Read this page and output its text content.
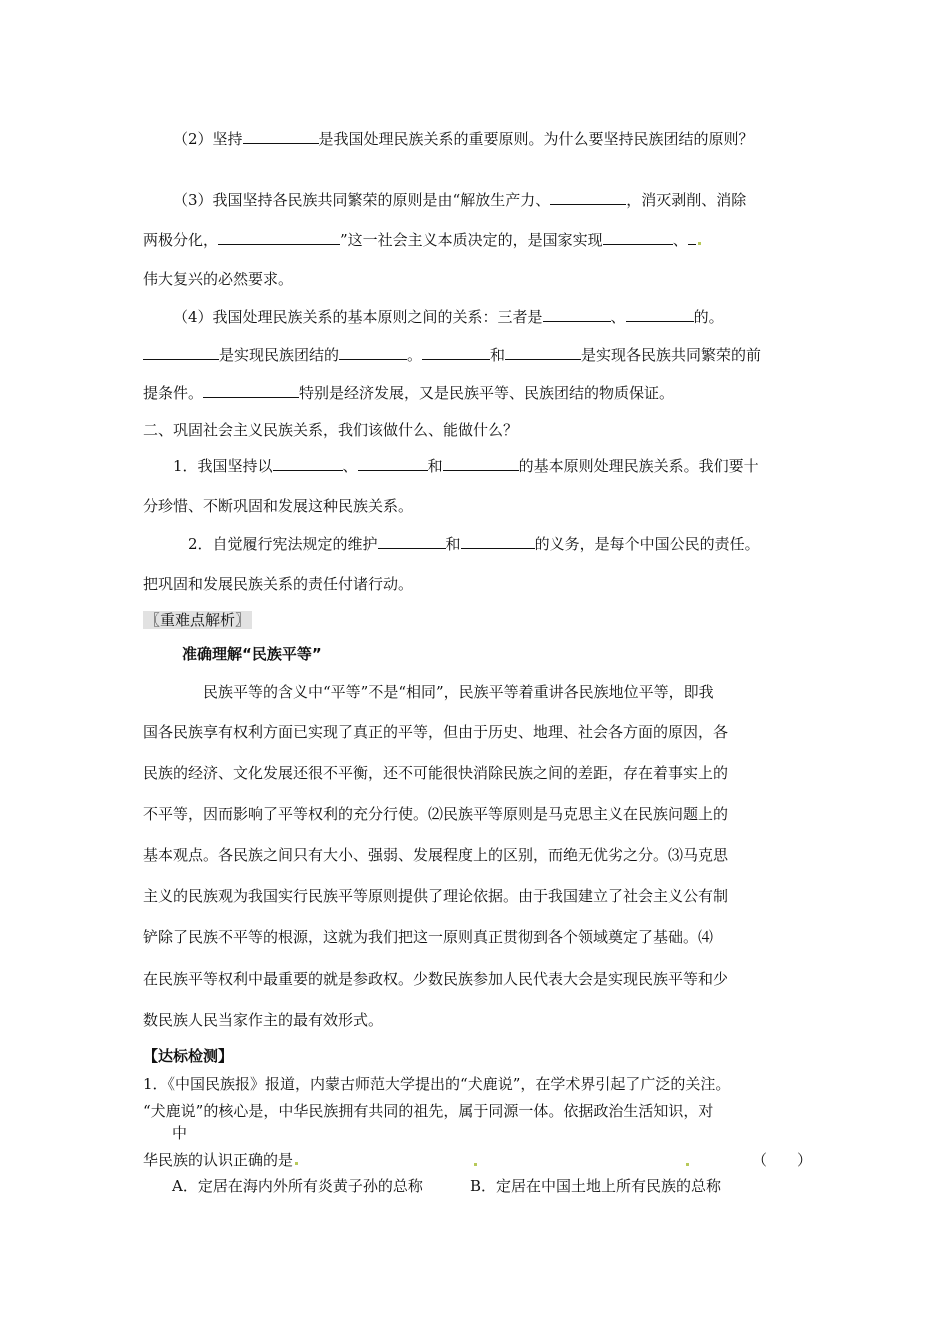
（2）坚持	是我国处理民族关系的重要原则。为什么要坚持民族团结的原则？
（3）我国坚持各民族共同繁荣的原则是由“解放生产力、	，消灭剥削、消除
两极分化，	”这一社会主义本质决定的，是国家实现	、
伟大复兴的必然要求。
（4）我国处理民族关系的基本原则之间的关系：三者是	、	的。
是实现民族团结的	。	和	是实现各民族共同繁荣的前
提条件。	特别是经济发展，又是民族平等、民族团结的物质保证。
二、巩固社会主义民族关系，我们该做什么、能做什么？
1．我国坚持以	、	和	的基本原则处理民族关系。我们要十
分珍惜、不断巩固和发展这种民族关系。
2．自觉履行宪法规定的维护	和	的义务，是每个中国公民的责任。
把巩固和发展民族关系的责任付诸行动。
〖重难点解析〗
准确理解“民族平等”
民族平等的含义中“平等”不是“相同”，民族平等着重讲各民族地位平等，即我
国各民族享有权利方面已实现了真正的平等，但由于历史、地理、社会各方面的原因，各
民族的经济、文化发展还很不平衡，还不可能很快消除民族之间的差距，存在着事实上的
不平等，因而影响了平等权利的充分行使。⑵民族平等原则是马克思主义在民族问题上的
基本观点。各民族之间只有大小、强弱、发展程度上的区别，而绝无优劣之分。⑶马克思
主义的民族观为我国实行民族平等原则提供了理论依据。由于我国建立了社会主义公有制
铲除了民族不平等的根源，这就为我们把这一原则真正贯彻到各个领域奠定了基础。⑷
在民族平等权利中最重要的就是参政权。少数民族参加人民代表大会是实现民族平等和少
数民族人民当家作主的最有效形式。
【达标检测】
1．《中国民族报》报道，内蒙古师范大学提出的“犬鹿说”，在学术界引起了广泛的关注。
“犬鹿说”的核心是，中华民族拥有共同的祖先，属于同源一体。依据政治生活知识，对
中
华民族的认识正确的是	（　　）
A．定居在海内外所有炎黄子孙的总称	B．定居在中国土地上所有民族的总称
